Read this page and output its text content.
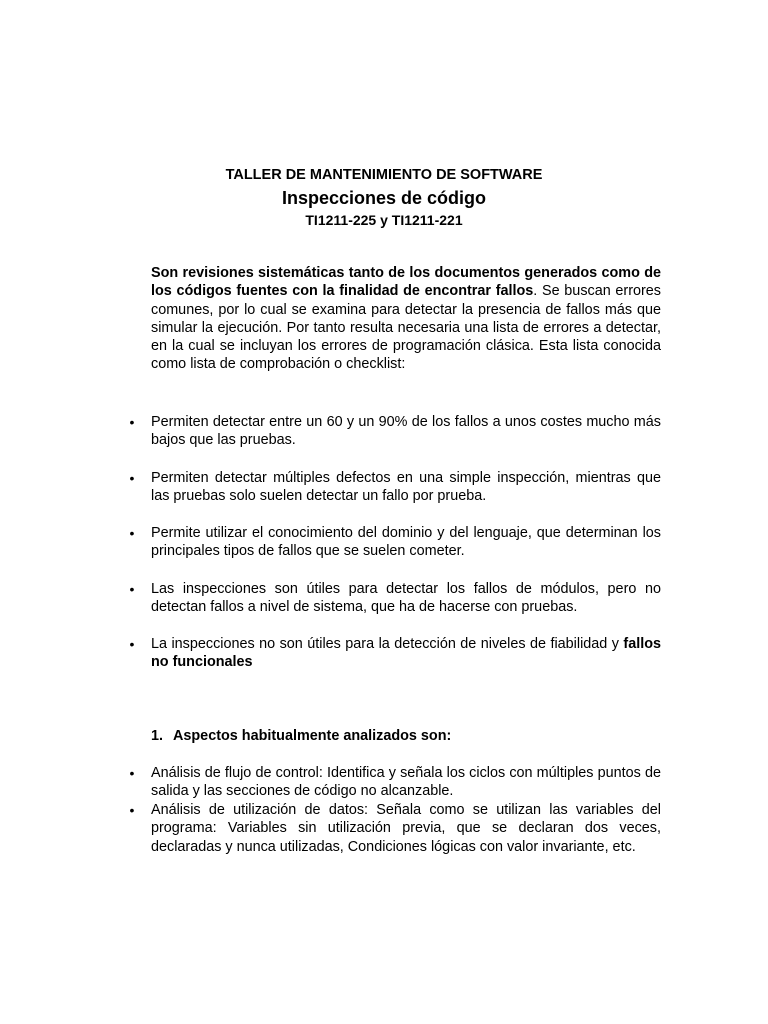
TALLER DE MANTENIMIENTO DE SOFTWARE
Inspecciones de código
TI1211-225 y TI1211-221

Son revisiones sistemáticas tanto de los documentos generados como de los códigos fuentes con la finalidad de encontrar fallos. Se buscan errores comunes, por lo cual se examina para detectar la presencia de fallos más que simular la ejecución. Por tanto resulta necesaria una lista de errores a detectar, en la cual se incluyan los errores de programación clásica. Esta lista conocida como lista de comprobación o checklist:

• Permiten detectar entre un 60 y un 90% de los fallos a unos costes mucho más bajos que las pruebas.
• Permiten detectar múltiples defectos en una simple inspección, mientras que las pruebas solo suelen detectar un fallo por prueba.
• Permite utilizar el conocimiento del dominio y del lenguaje, que determinan los principales tipos de fallos que se suelen cometer.
• Las inspecciones son útiles para detectar los fallos de módulos, pero no detectan fallos a nivel de sistema, que ha de hacerse con pruebas.
• La inspecciones no son útiles para la detección de niveles de fiabilidad y fallos no funcionales
1. Aspectos habitualmente analizados son:
• Análisis de flujo de control: Identifica y señala los ciclos con múltiples puntos de salida y las secciones de código no alcanzable.
• Análisis de utilización de datos: Señala como se utilizan las variables del programa: Variables sin utilización previa, que se declaran dos veces, declaradas y nunca utilizadas, Condiciones lógicas con valor invariante, etc.
